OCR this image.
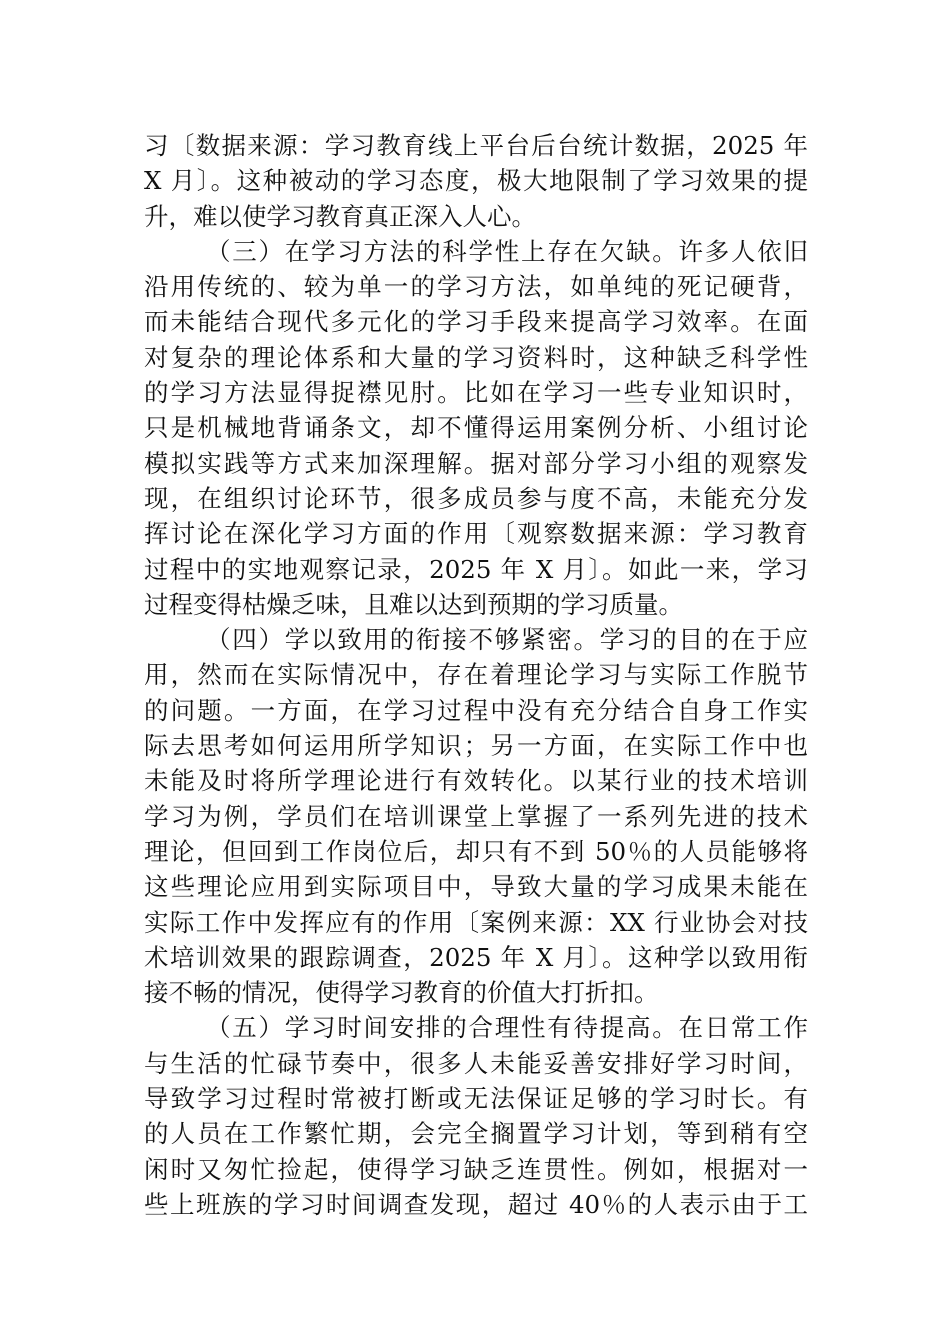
习〔数据来源：学习教育线上平台后台统计数据，2025 年
X 月〕。这种被动的学习态度，极大地限制了学习效果的提
升，难以使学习教育真正深入人心。
（三）在学习方法的科学性上存在欠缺。许多人依旧
沿用传统的、较为单一的学习方法，如单纯的死记硬背，
而未能结合现代多元化的学习手段来提高学习效率。在面
对复杂的理论体系和大量的学习资料时，这种缺乏科学性
的学习方法显得捉襟见肘。比如在学习一些专业知识时，
只是机械地背诵条文，却不懂得运用案例分析、小组讨论
模拟实践等方式来加深理解。据对部分学习小组的观察发
现，在组织讨论环节，很多成员参与度不高，未能充分发
挥讨论在深化学习方面的作用〔观察数据来源：学习教育
过程中的实地观察记录，2025 年 X 月〕。如此一来，学习
过程变得枯燥乏味，且难以达到预期的学习质量。
（四）学以致用的衔接不够紧密。学习的目的在于应
用，然而在实际情况中，存在着理论学习与实际工作脱节
的问题。一方面，在学习过程中没有充分结合自身工作实
际去思考如何运用所学知识；另一方面，在实际工作中也
未能及时将所学理论进行有效转化。以某行业的技术培训
学习为例，学员们在培训课堂上掌握了一系列先进的技术
理论，但回到工作岗位后，却只有不到 50％的人员能够将
这些理论应用到实际项目中，导致大量的学习成果未能在
实际工作中发挥应有的作用〔案例来源：XX 行业协会对技
术培训效果的跟踪调查，2025 年 X 月〕。这种学以致用衔
接不畅的情况，使得学习教育的价值大打折扣。
（五）学习时间安排的合理性有待提高。在日常工作
与生活的忙碌节奏中，很多人未能妥善安排好学习时间，
导致学习过程时常被打断或无法保证足够的学习时长。有
的人员在工作繁忙期，会完全搁置学习计划，等到稍有空
闲时又匆忙捡起，使得学习缺乏连贯性。例如，根据对一
些上班族的学习时间调查发现，超过 40％的人表示由于工
